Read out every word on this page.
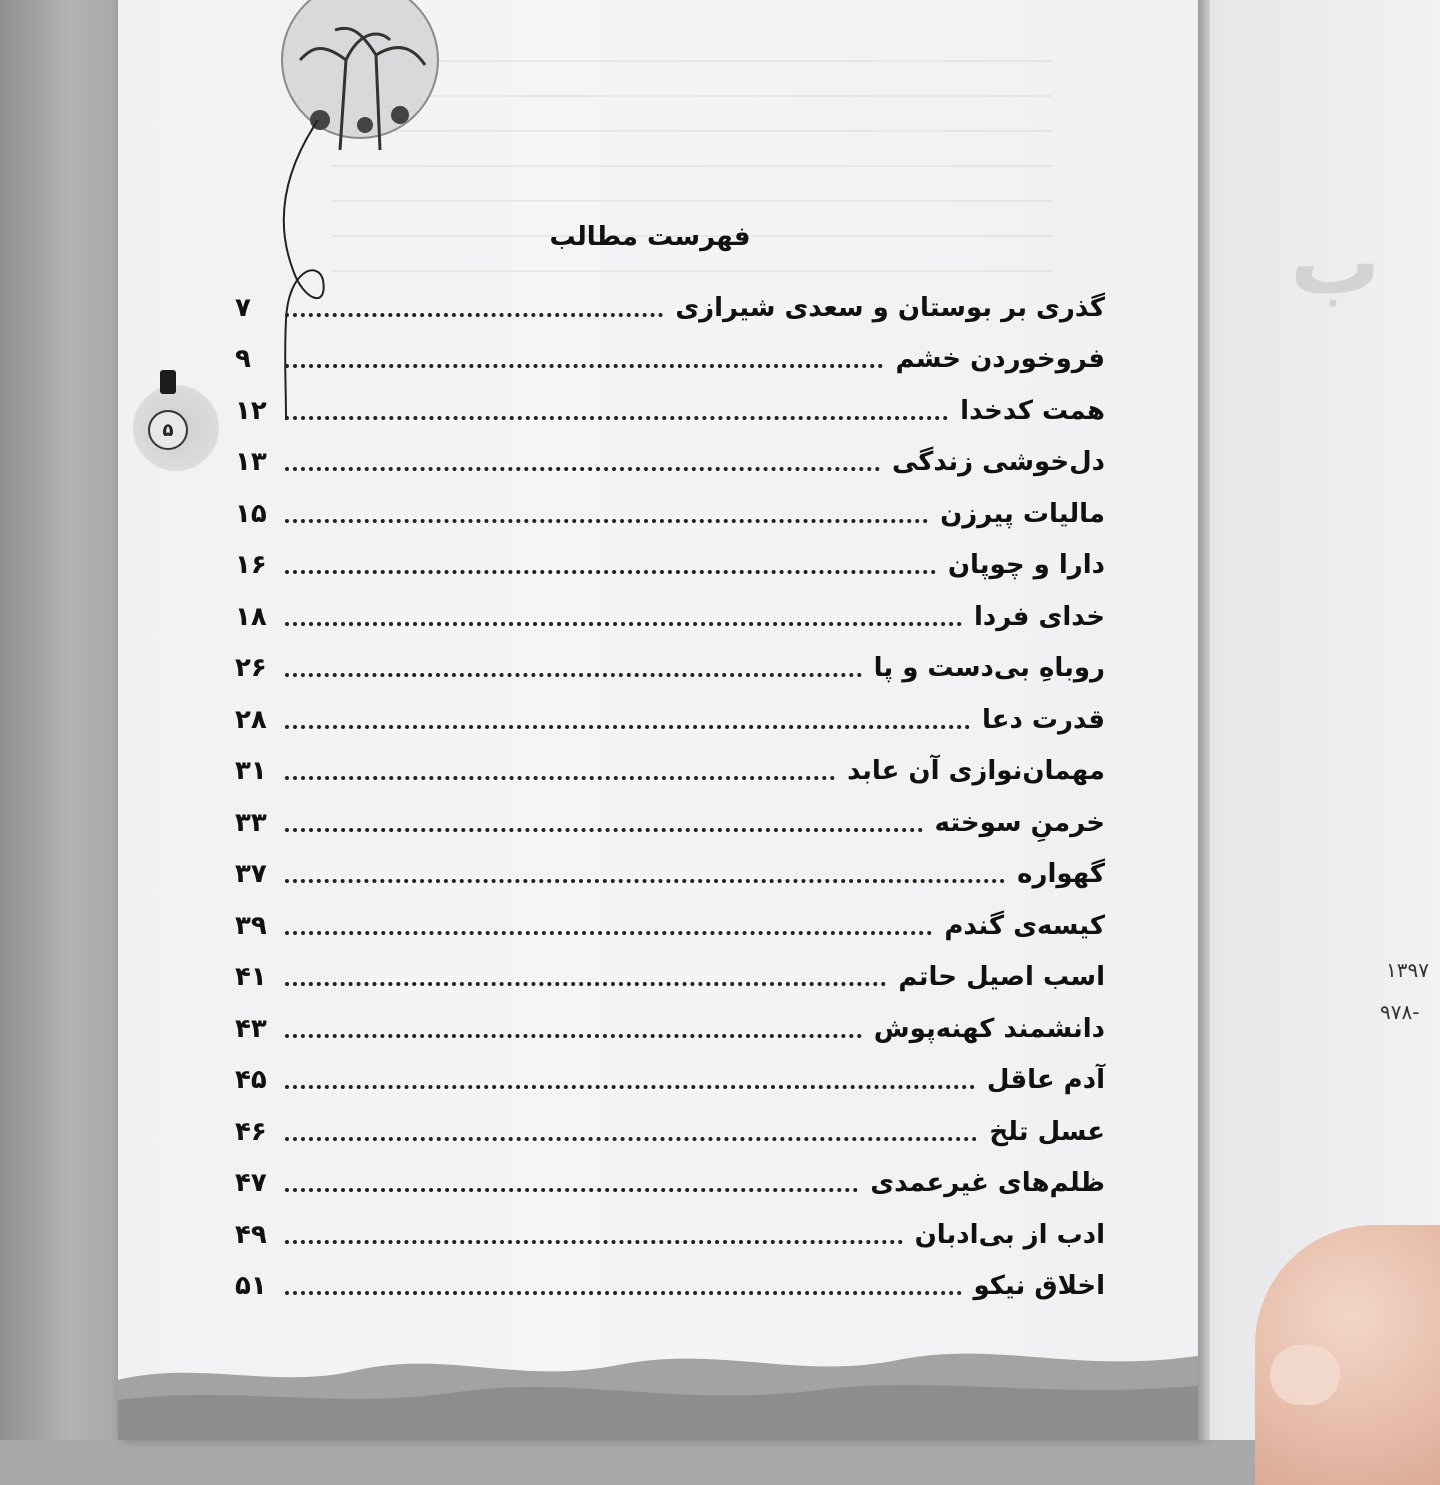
۵
فهرست مطالب
گذری بر بوستان و سعدی شیرازی
۷
فروخوردن خشم
۹
همت کدخدا
۱۲
دل‌خوشی زندگی
۱۳
مالیات پیرزن
۱۵
دارا و چوپان
۱۶
خدای فردا
۱۸
روباهِ بی‌دست و پا
۲۶
قدرت دعا
۲۸
مهمان‌نوازی آن عابد
۳۱
خرمنِ سوخته
۳۳
گهواره
۳۷
کیسه‌ی گندم
۳۹
اسب اصیل حاتم
۴۱
دانشمند کهنه‌پوش
۴۳
آدم عاقل
۴۵
عسل تلخ
۴۶
ظلم‌های غیرعمدی
۴۷
ادب از بی‌ادبان
۴۹
اخلاق نیکو
۵۱
ب
۱۳۹۷
۹۷۸-
